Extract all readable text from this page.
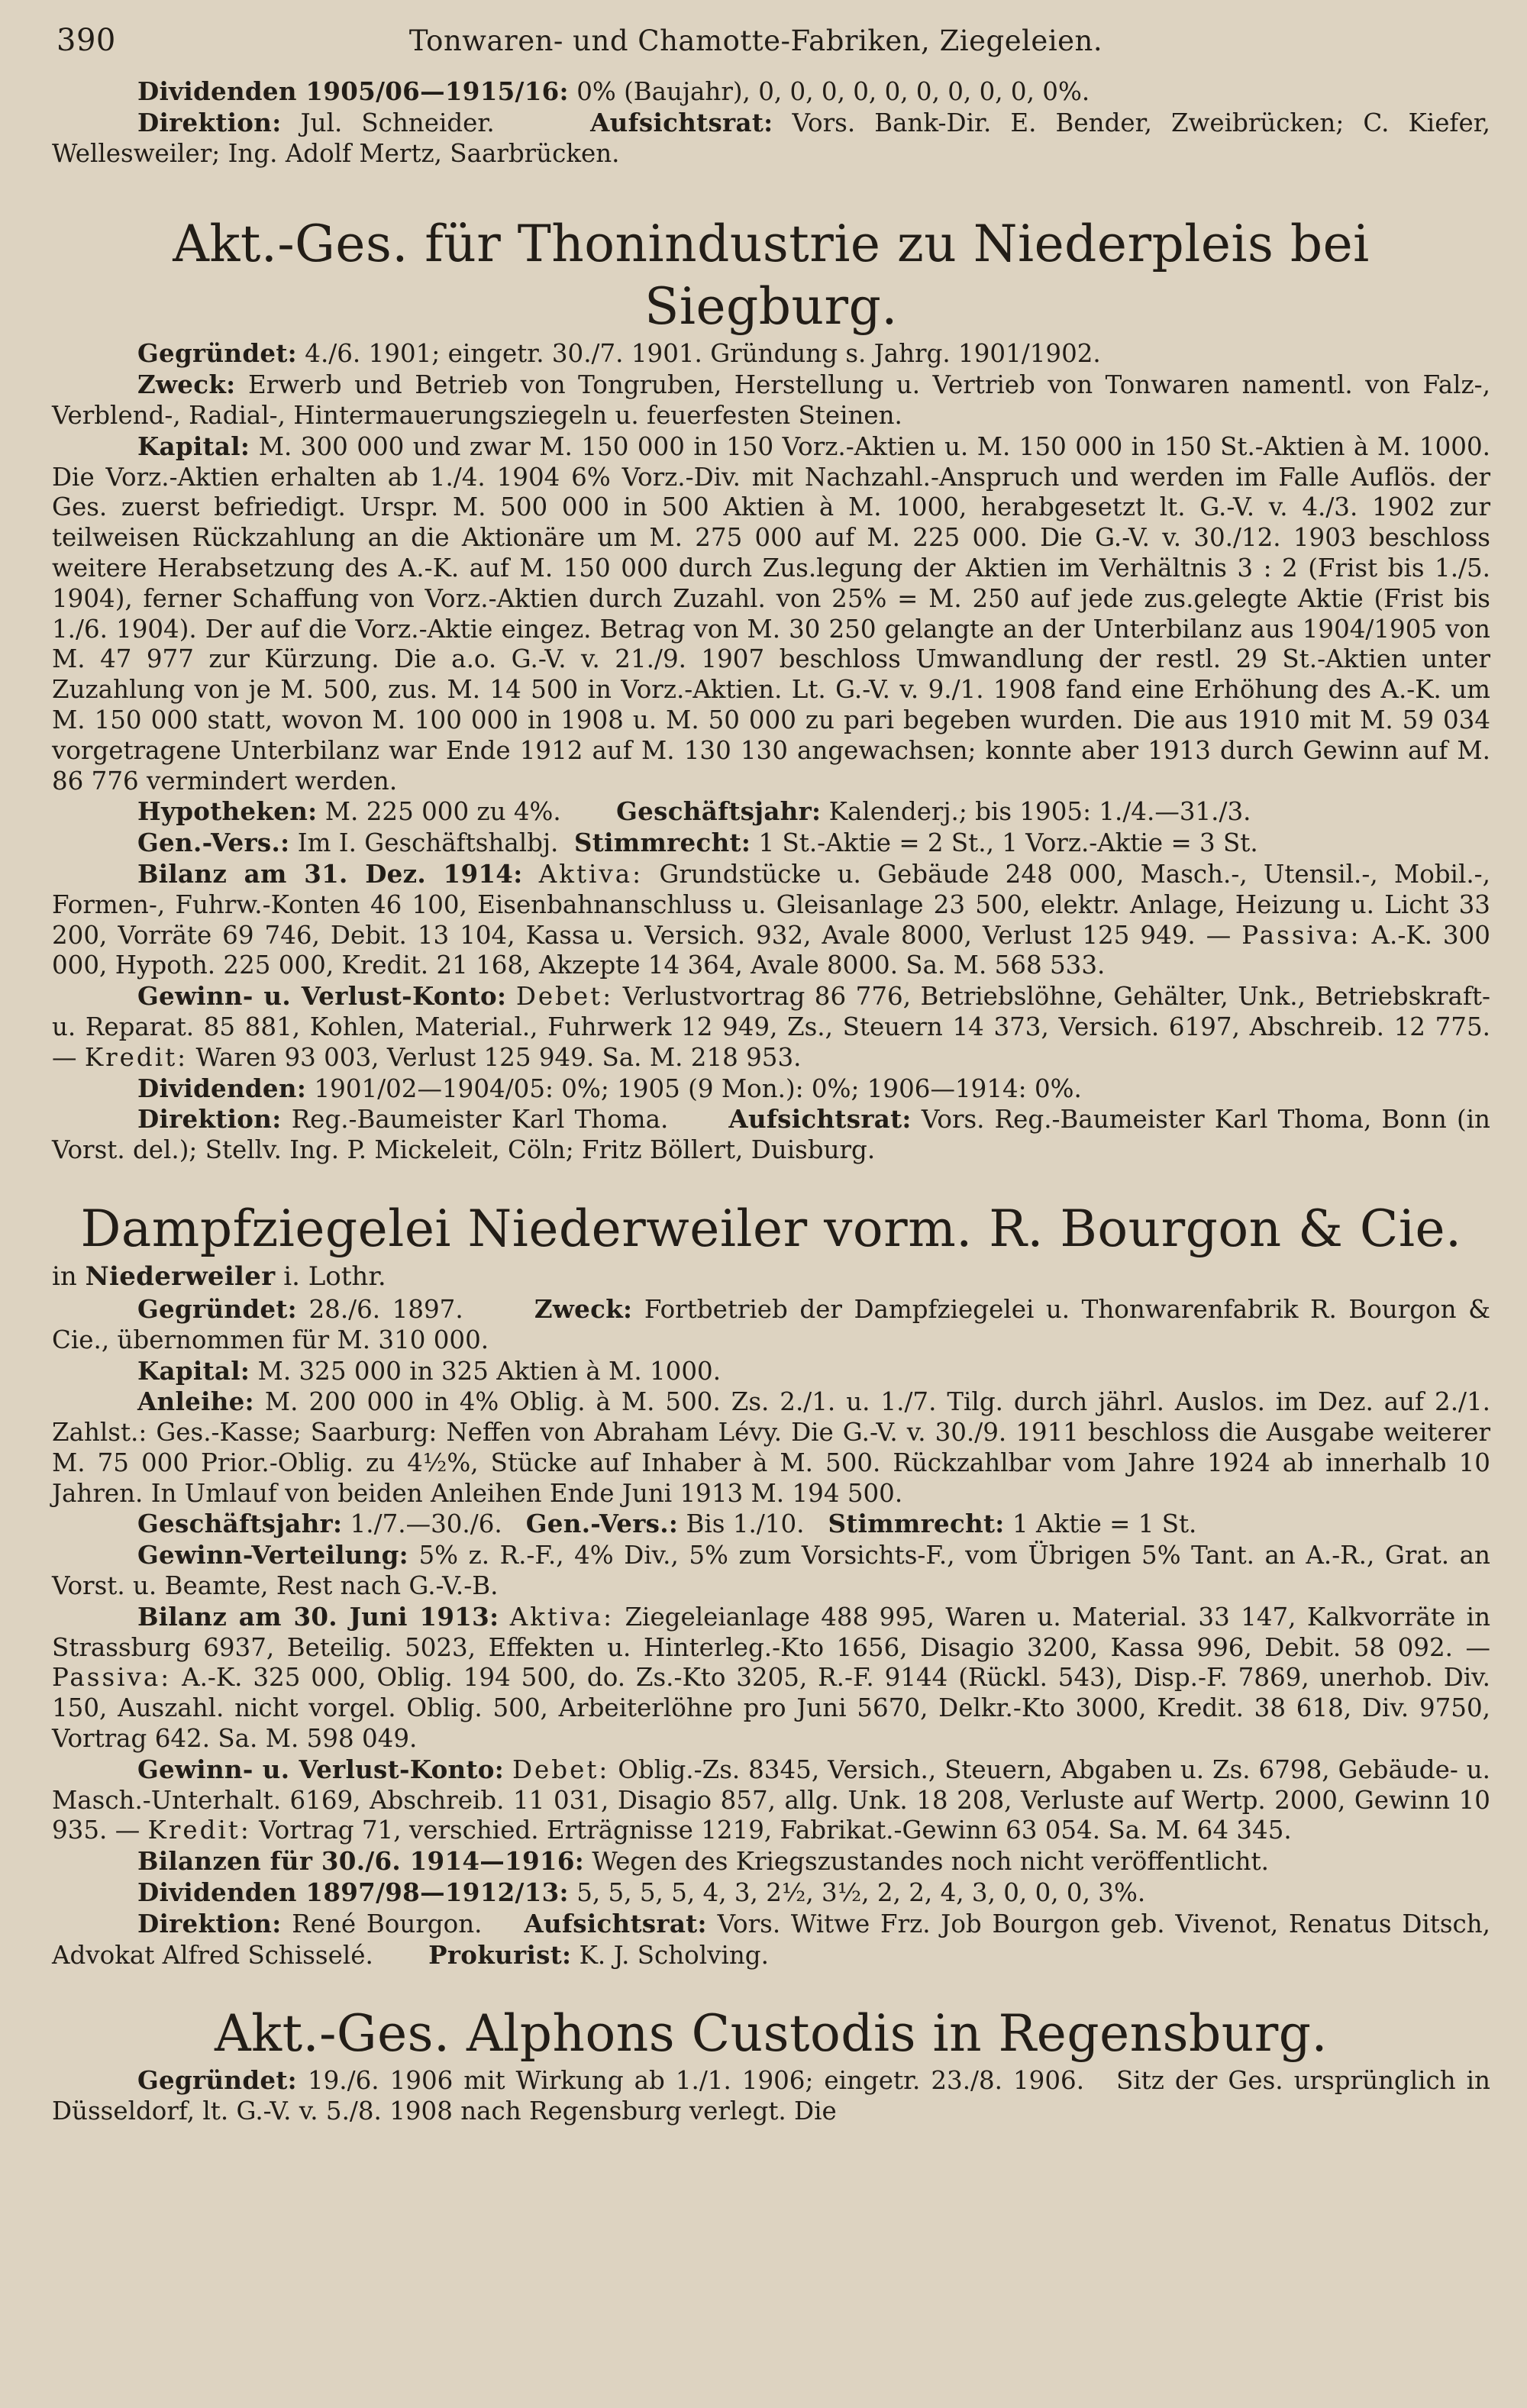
390	Tonwaren- und Chamotte-Fabriken, Ziegeleien.

Dividenden 1905/06—1915/16: 0% (Baujahr), 0, 0, 0, 0, 0, 0, 0, 0, 0, 0%.

Direktion: Jul. Schneider.	Aufsichtsrat: Vors. Bank-Dir. E. Bender, Zweibrücken; C. Kiefer, Wellesweiler; Ing. Adolf Mertz, Saarbrücken.

Akt.-Ges. für Thonindustrie zu Niederpleis bei Siegburg.

Gegründet: 4./6. 1901; eingetr. 30./7. 1901. Gründung s. Jahrg. 1901/1902.

Zweck: Erwerb und Betrieb von Tongruben, Herstellung u. Vertrieb von Tonwaren namentl. von Falz-, Verblend-, Radial-, Hintermauerungsziegeln u. feuerfesten Steinen.

Kapital: M. 300 000 und zwar M. 150 000 in 150 Vorz.-Aktien u. M. 150 000 in 150 St.-Aktien à M. 1000. Die Vorz.-Aktien erhalten ab 1./4. 1904 6% Vorz.-Div. mit Nachzahl.-Anspruch und werden im Falle Auflös. der Ges. zuerst befriedigt. Urspr. M. 500 000 in 500 Aktien à M. 1000, herabgesetzt lt. G.-V. v. 4./3. 1902 zur teilweisen Rückzahlung an die Aktionäre um M. 275 000 auf M. 225 000. Die G.-V. v. 30./12. 1903 beschloss weitere Herabsetzung des A.-K. auf M. 150 000 durch Zus.legung der Aktien im Verhältnis 3 : 2 (Frist bis 1./5. 1904), ferner Schaffung von Vorz.-Aktien durch Zuzahl. von 25% = M. 250 auf jede zus.gelegte Aktie (Frist bis 1./6. 1904). Der auf die Vorz.-Aktie eingez. Betrag von M. 30 250 gelangte an der Unterbilanz aus 1904/1905 von M. 47 977 zur Kürzung. Die a.o. G.-V. v. 21./9. 1907 beschloss Umwandlung der restl. 29 St.-Aktien unter Zuzahlung von je M. 500, zus. M. 14 500 in Vorz.-Aktien. Lt. G.-V. v. 9./1. 1908 fand eine Erhöhung des A.-K. um M. 150 000 statt, wovon M. 100 000 in 1908 u. M. 50 000 zu pari begeben wurden. Die aus 1910 mit M. 59 034 vorgetragene Unterbilanz war Ende 1912 auf M. 130 130 angewachsen; konnte aber 1913 durch Gewinn auf M. 86 776 vermindert werden.

Hypotheken: M. 225 000 zu 4%. Geschäftsjahr: Kalenderj.; bis 1905: 1./4.—31./3.

Gen.-Vers.: Im I. Geschäftshalbj. Stimmrecht: 1 St.-Aktie = 2 St., 1 Vorz.-Aktie = 3 St.

Bilanz am 31. Dez. 1914: Aktiva: Grundstücke u. Gebäude 248 000, Masch.-, Utensil.-, Mobil.-, Formen-, Fuhrw.-Konten 46 100, Eisenbahnanschluss u. Gleisanlage 23 500, elektr. Anlage, Heizung u. Licht 33 200, Vorräte 69 746, Debit. 13 104, Kassa u. Versich. 932, Avale 8000, Verlust 125 949. — Passiva: A.-K. 300 000, Hypoth. 225 000, Kredit. 21 168, Akzepte 14 364, Avale 8000. Sa. M. 568 533.

Gewinn- u. Verlust-Konto: Debet: Verlustvortrag 86 776, Betriebslöhne, Gehälter, Unk., Betriebskraft- u. Reparat. 85 881, Kohlen, Material., Fuhrwerk 12 949, Zs., Steuern 14 373, Versich. 6197, Abschreib. 12 775. — Kredit: Waren 93 003, Verlust 125 949. Sa. M. 218 953.

Dividenden: 1901/02—1904/05: 0%; 1905 (9 Mon.): 0%; 1906—1914: 0%.

Direktion: Reg.-Baumeister Karl Thoma. Aufsichtsrat: Vors. Reg.-Baumeister Karl Thoma, Bonn (in Vorst. del.); Stellv. Ing. P. Mickeleit, Cöln; Fritz Böllert, Duisburg.

Dampfziegelei Niederweiler vorm. R. Bourgon & Cie.

in Niederweiler i. Lothr.

Gegründet: 28./6. 1897.	Zweck: Fortbetrieb der Dampfziegelei u. Thonwarenfabrik R. Bourgon & Cie., übernommen für M. 310 000.

Kapital: M. 325 000 in 325 Aktien à M. 1000.

Anleihe: M. 200 000 in 4% Oblig. à M. 500. Zs. 2./1. u. 1./7. Tilg. durch jährl. Auslos. im Dez. auf 2./1. Zahlst.: Ges.-Kasse; Saarburg: Neffen von Abraham Lévy. Die G.-V. v. 30./9. 1911 beschloss die Ausgabe weiterer M. 75 000 Prior.-Oblig. zu 4½%, Stücke auf Inhaber à M. 500. Rückzahlbar vom Jahre 1924 ab innerhalb 10 Jahren. In Umlauf von beiden Anleihen Ende Juni 1913 M. 194 500.

Geschäftsjahr: 1./7.—30./6. Gen.-Vers.: Bis 1./10. Stimmrecht: 1 Aktie = 1 St.

Gewinn-Verteilung: 5% z. R.-F., 4% Div., 5% zum Vorsichts-F., vom Übrigen 5% Tant. an A.-R., Grat. an Vorst. u. Beamte, Rest nach G.-V.-B.

Bilanz am 30. Juni 1913: Aktiva: Ziegeleianlage 488 995, Waren u. Material. 33 147, Kalkvorräte in Strassburg 6937, Beteilig. 5023, Effekten u. Hinterleg.-Kto 1656, Disagio 3200, Kassa 996, Debit. 58 092. — Passiva: A.-K. 325 000, Oblig. 194 500, do. Zs.-Kto 3205, R.-F. 9144 (Rückl. 543), Disp.-F. 7869, unerhob. Div. 150, Auszahl. nicht vorgel. Oblig. 500, Arbeiterlöhne pro Juni 5670, Delkr.-Kto 3000, Kredit. 38 618, Div. 9750, Vortrag 642. Sa. M. 598 049.

Gewinn- u. Verlust-Konto: Debet: Oblig.-Zs. 8345, Versich., Steuern, Abgaben u. Zs. 6798, Gebäude- u. Masch.-Unterhalt. 6169, Abschreib. 11 031, Disagio 857, allg. Unk. 18 208, Verluste auf Wertp. 2000, Gewinn 10 935. — Kredit: Vortrag 71, verschied. Erträgnisse 1219, Fabrikat.-Gewinn 63 054. Sa. M. 64 345.

Bilanzen für 30./6. 1914—1916: Wegen des Kriegszustandes noch nicht veröffentlicht.

Dividenden 1897/98—1912/13: 5, 5, 5, 5, 4, 3, 2½, 3½, 2, 2, 4, 3, 0, 0, 0, 3%.

Direktion: René Bourgon. Aufsichtsrat: Vors. Witwe Frz. Job Bourgon geb. Vivenot, Renatus Ditsch, Advokat Alfred Schisselé. Prokurist: K. J. Scholving.

Akt.-Ges. Alphons Custodis in Regensburg.

Gegründet: 19./6. 1906 mit Wirkung ab 1./1. 1906; eingetr. 23./8. 1906. Sitz der Ges. ursprünglich in Düsseldorf, lt. G.-V. v. 5./8. 1908 nach Regensburg verlegt. Die
